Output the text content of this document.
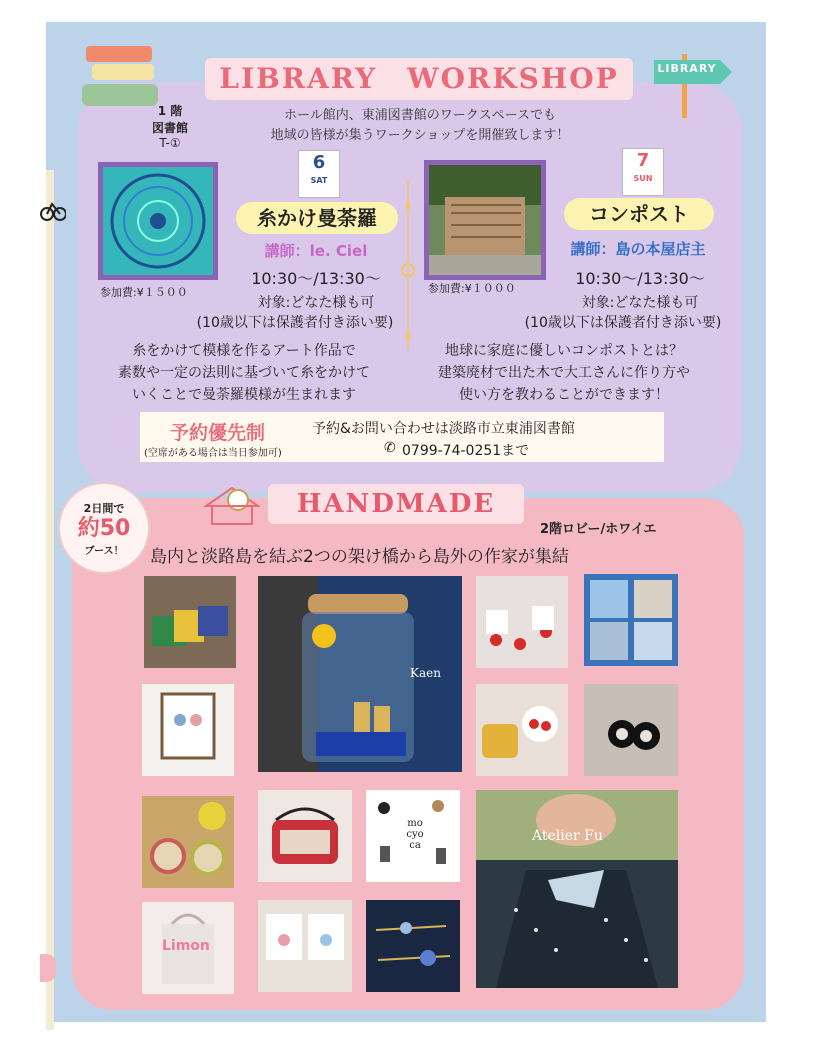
LIBRARY　WORKSHOP	LIBRARY
1 階
図書館
T-①
ホール館内、東浦図書館のワークスペースでも
地域の皆様が集うワークショップを開催致します！
参加費:¥１５００
6
SAT
糸かけ曼荼羅
講師：le. Ciel
10:30～/13:30～
対象:どなた様も可
(10歳以下は保護者付き添い要)
糸をかけて模様を作るアート作品で
素数や一定の法則に基づいて糸をかけて
いくことで曼荼羅模様が生まれます
参加費:¥１０００
7
SUN
コンポスト
講師：島の本屋店主
10:30～/13:30～
対象:どなた様も可
(10歳以下は保護者付き添い要)
地球に家庭に優しいコンポストとは？
建築廃材で出た木で大工さんに作り方や
使い方を教わることができます！
予約優先制
(空席がある場合は当日参加可)
予約&お問い合わせは淡路市立東浦図書館
✆ 0799-74-0251まで
HANDMADE
2日間で
約50
ブース！
2階ロビー/ホワイエ
島内と淡路島を結ぶ2つの架け橋から島外の作家が集結
Kaen
mo
cyo
ca
Atelier Fu
Limon
